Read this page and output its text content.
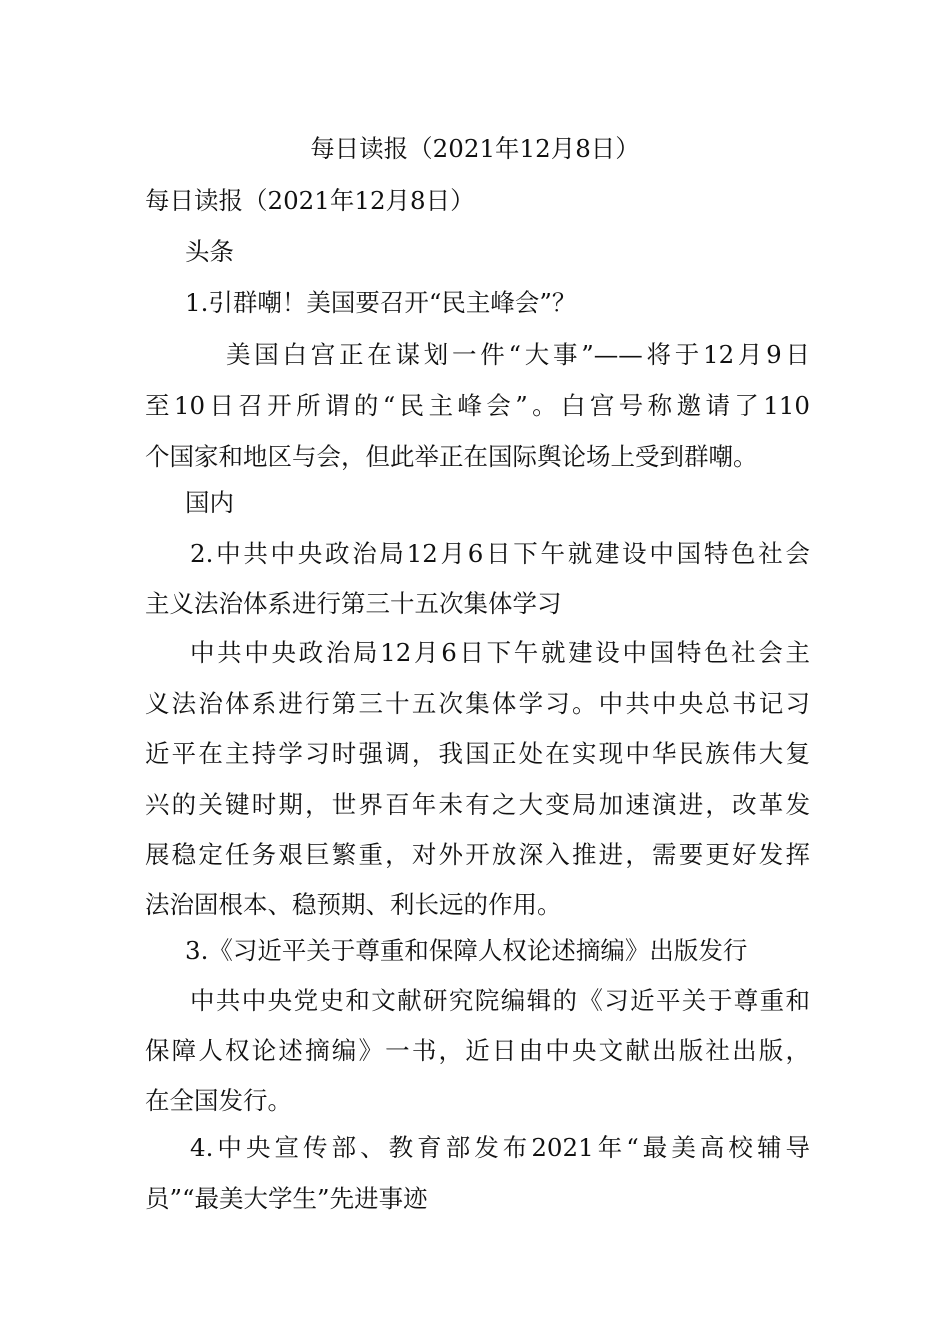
每日读报（2021年12月8日）
每日读报（2021年12月8日）
头条
1.引群嘲！美国要召开“民主峰会”？
美国白宫正在谋划一件“大事”——将于12月9日
至10日召开所谓的“民主峰会”。白宫号称邀请了110
个国家和地区与会，但此举正在国际舆论场上受到群嘲。
国内
2.中共中央政治局12月6日下午就建设中国特色社会
主义法治体系进行第三十五次集体学习
中共中央政治局12月6日下午就建设中国特色社会主
义法治体系进行第三十五次集体学习。中共中央总书记习
近平在主持学习时强调，我国正处在实现中华民族伟大复
兴的关键时期，世界百年未有之大变局加速演进，改革发
展稳定任务艰巨繁重，对外开放深入推进，需要更好发挥
法治固根本、稳预期、利长远的作用。
3.《习近平关于尊重和保障人权论述摘编》出版发行
中共中央党史和文献研究院编辑的《习近平关于尊重和
保障人权论述摘编》一书，近日由中央文献出版社出版，
在全国发行。
4.中央宣传部、教育部发布2021年“最美高校辅导
员”“最美大学生”先进事迹
